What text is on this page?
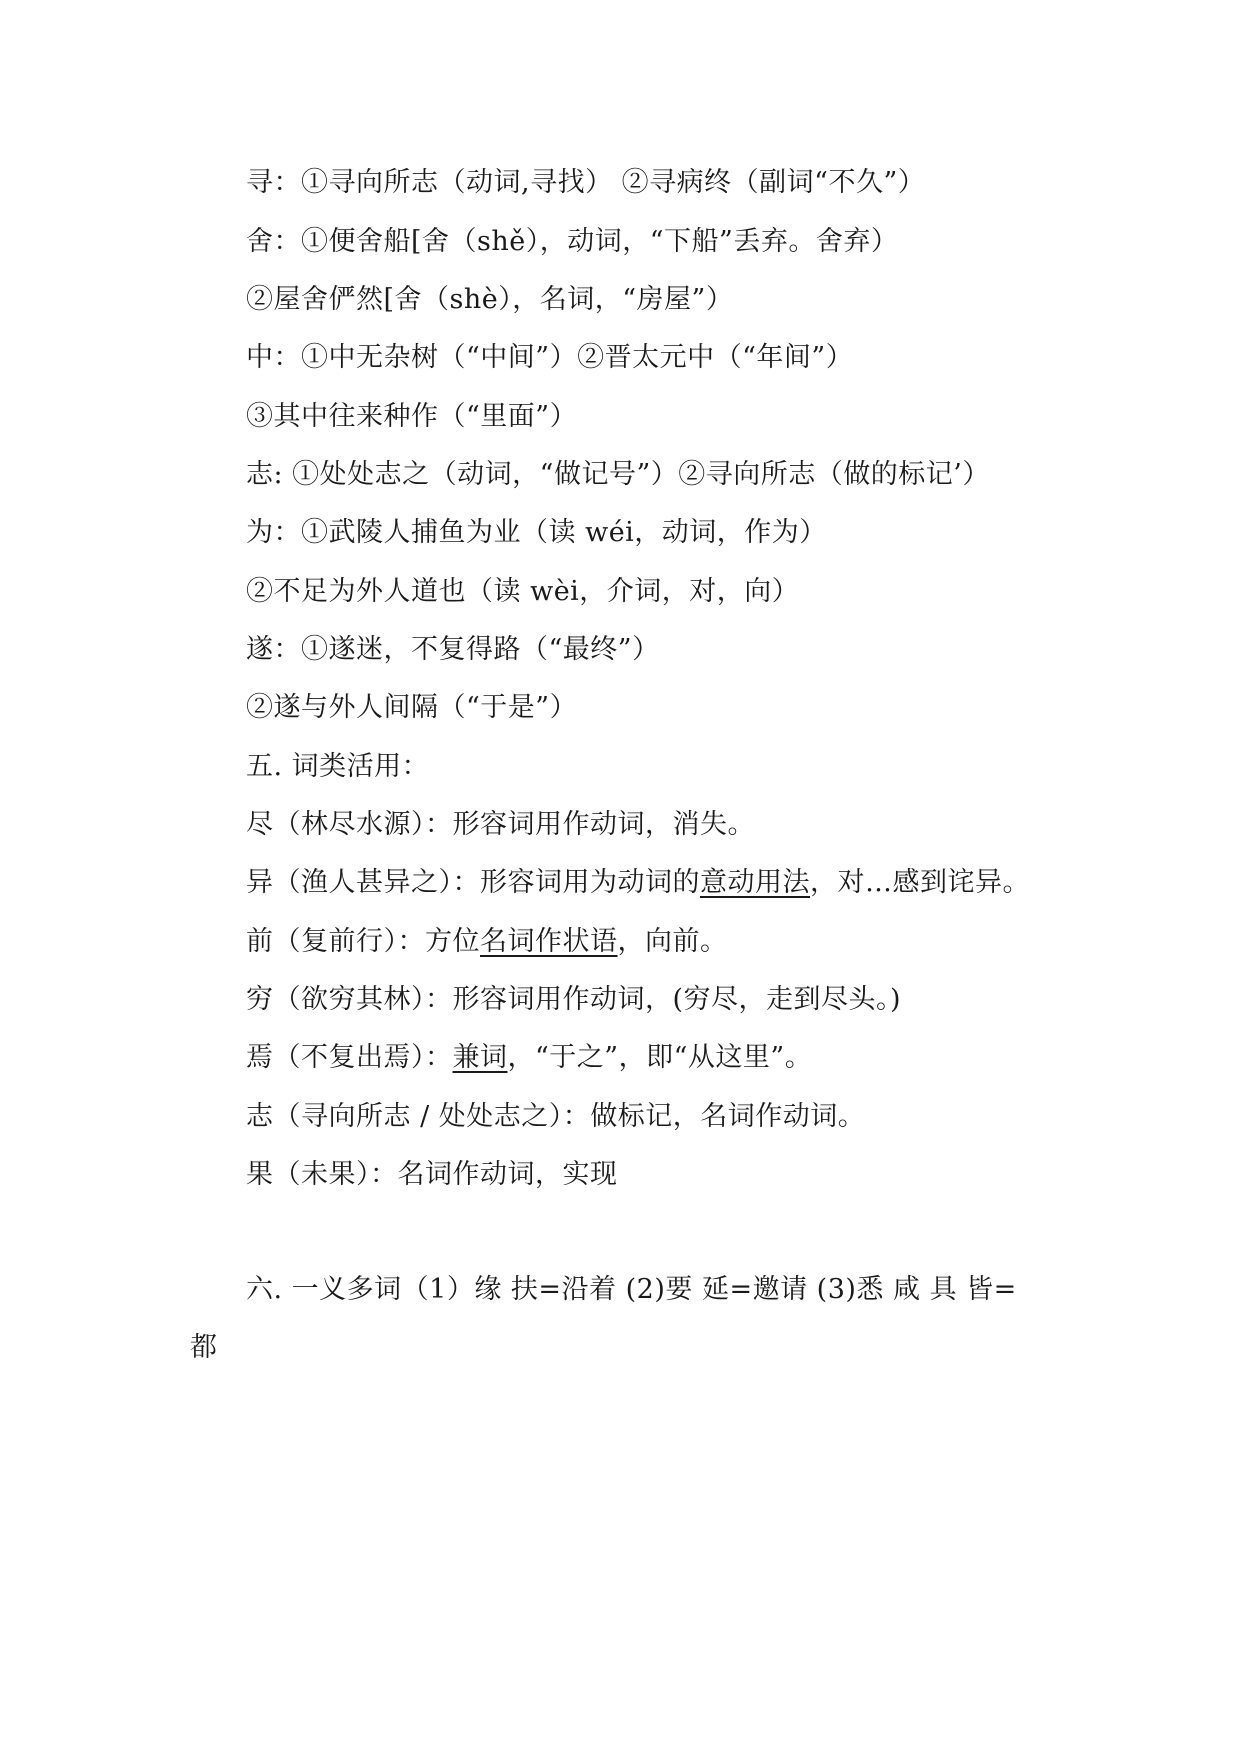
寻：①寻向所志（动词,寻找） ②寻病终（副词“不久”）
舍：①便舍船[舍（shě），动词，“下船”丢弃。舍弃）
②屋舍俨然[舍（shè），名词，“房屋”）
中：①中无杂树（“中间”）②晋太元中（“年间”）
③其中往来种作（“里面”）
志: ①处处志之（动词，“做记号”）②寻向所志（做的标记’）
为：①武陵人捕鱼为业（读 wéi，动词，作为）
②不足为外人道也（读 wèi，介词，对，向）
遂：①遂迷，不复得路（“最终”）
②遂与外人间隔（“于是”）
五. 词类活用：
尽（林尽水源）：形容词用作动词，消失。
异（渔人甚异之）：形容词用为动词的意动用法，对…感到诧异。
前（复前行）：方位名词作状语，向前。
穷（欲穷其林）：形容词用作动词，(穷尽，走到尽头。)
焉（不复出焉）：兼词，“于之”，即“从这里”。
志（寻向所志 / 处处志之）：做标记，名词作动词。
果（未果）：名词作动词，实现
六. 一义多词（1）缘 扶=沿着 (2)要 延=邀请 (3)悉 咸 具 皆=
都
